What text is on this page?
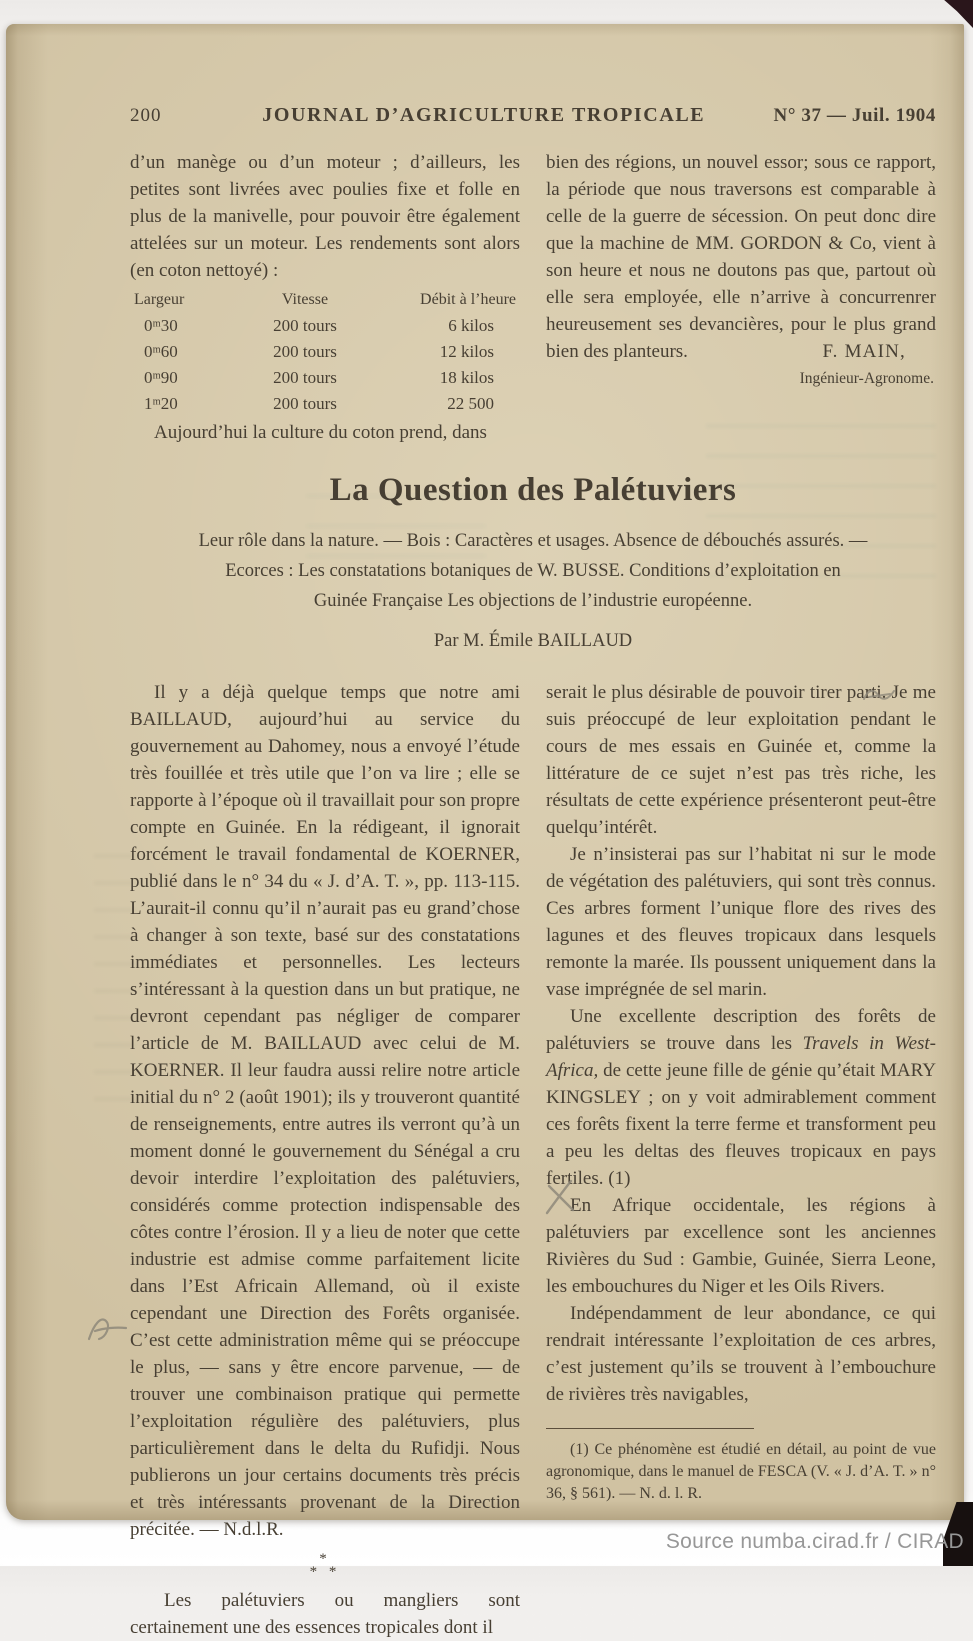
200	JOURNAL D’AGRICULTURE TROPICALE	N° 37 — Juil. 1904

d’un manège ou d’un moteur ; d’ailleurs, les petites sont livrées avec poulies fixe et folle en plus de la manivelle, pour pouvoir être également attelées sur un moteur. Les rendements sont alors (en coton nettoyé) :

Largeur	Vitesse	Débit à l’heure
0ᵐ30	200 tours	6 kilos
0ᵐ60	200 tours	12 kilos
0ᵐ90	200 tours	18 kilos
1ᵐ20	200 tours	22 500

Aujourd’hui la culture du coton prend, dans

bien des régions, un nouvel essor; sous ce rapport, la période que nous traversons est comparable à celle de la guerre de sécession. On peut donc dire que la machine de MM. GORDON & Co, vient à son heure et nous ne doutons pas que, partout où elle sera employée, elle n’arrive à concurrenrer heureusement ses devancières, pour le plus grand bien des planteurs.	F. MAIN,

Ingénieur-Agronome.

La Question des Palétuviers
Leur rôle dans la nature. — Bois : Caractères et usages. Absence de débouchés assurés. —
Ecorces : Les constatations botaniques de W. BUSSE. Conditions d’exploitation en
Guinée Française Les objections de l’industrie européenne.
Par M. Émile BAILLAUD

Il y a déjà quelque temps que notre ami BAILLAUD, aujourd’hui au service du gouvernement au Dahomey, nous a envoyé l’étude très fouillée et très utile que l’on va lire ; elle se rapporte à l’époque où il travaillait pour son propre compte en Guinée. En la rédigeant, il ignorait forcément le travail fondamental de KOERNER, publié dans le n° 34 du « J. d’A. T. », pp. 113-115. L’aurait-il connu qu’il n’aurait pas eu grand’chose à changer à son texte, basé sur des constatations immédiates et personnelles. Les lecteurs s’intéressant à la question dans un but pratique, ne devront cependant pas négliger de comparer l’article de M. BAILLAUD avec celui de M. KOERNER. Il leur faudra aussi relire notre article initial du n° 2 (août 1901); ils y trouveront quantité de renseignements, entre autres ils verront qu’à un moment donné le gouvernement du Sénégal a cru devoir interdire l’exploitation des palétuviers, considérés comme protection indispensable des côtes contre l’érosion. Il y a lieu de noter que cette industrie est admise comme parfaitement licite dans l’Est Africain Allemand, où il existe cependant une Direction des Forêts organisée. C’est cette administration même qui se préoccupe le plus, — sans y être encore parvenue, — de trouver une combinaison pratique qui permette l’exploitation régulière des palétuviers, plus particulièrement dans le delta du Rufidji. Nous publierons un jour certains documents très précis et très intéressants provenant de la Direction précitée. — N.d.l.R.

*
* *

Les palétuviers ou mangliers sont certainement une des essences tropicales dont il

serait le plus désirable de pouvoir tirer parti. Je me suis préoccupé de leur exploitation pendant le cours de mes essais en Guinée et, comme la littérature de ce sujet n’est pas très riche, les résultats de cette expérience présenteront peut-être quelqu’intérêt.

Je n’insisterai pas sur l’habitat ni sur le mode de végétation des palétuviers, qui sont très connus. Ces arbres forment l’unique flore des rives des lagunes et des fleuves tropicaux dans lesquels remonte la marée. Ils poussent uniquement dans la vase imprégnée de sel marin.

Une excellente description des forêts de palétuviers se trouve dans les Travels in West-Africa, de cette jeune fille de génie qu’était MARY KINGSLEY ; on y voit admirablement comment ces forêts fixent la terre ferme et transforment peu a peu les deltas des fleuves tropicaux en pays fertiles. (1)

En Afrique occidentale, les régions à palétuviers par excellence sont les anciennes Rivières du Sud : Gambie, Guinée, Sierra Leone, les embouchures du Niger et les Oils Rivers.

Indépendamment de leur abondance, ce qui rendrait intéressante l’exploitation de ces arbres, c’est justement qu’ils se trouvent à l’embouchure de rivières très navigables,

(1) Ce phénomène est étudié en détail, au point de vue agronomique, dans le manuel de FESCA (V. « J. d’A. T. » n° 36, § 561). — N. d. l. R.

Source numba.cirad.fr / CIRAD
